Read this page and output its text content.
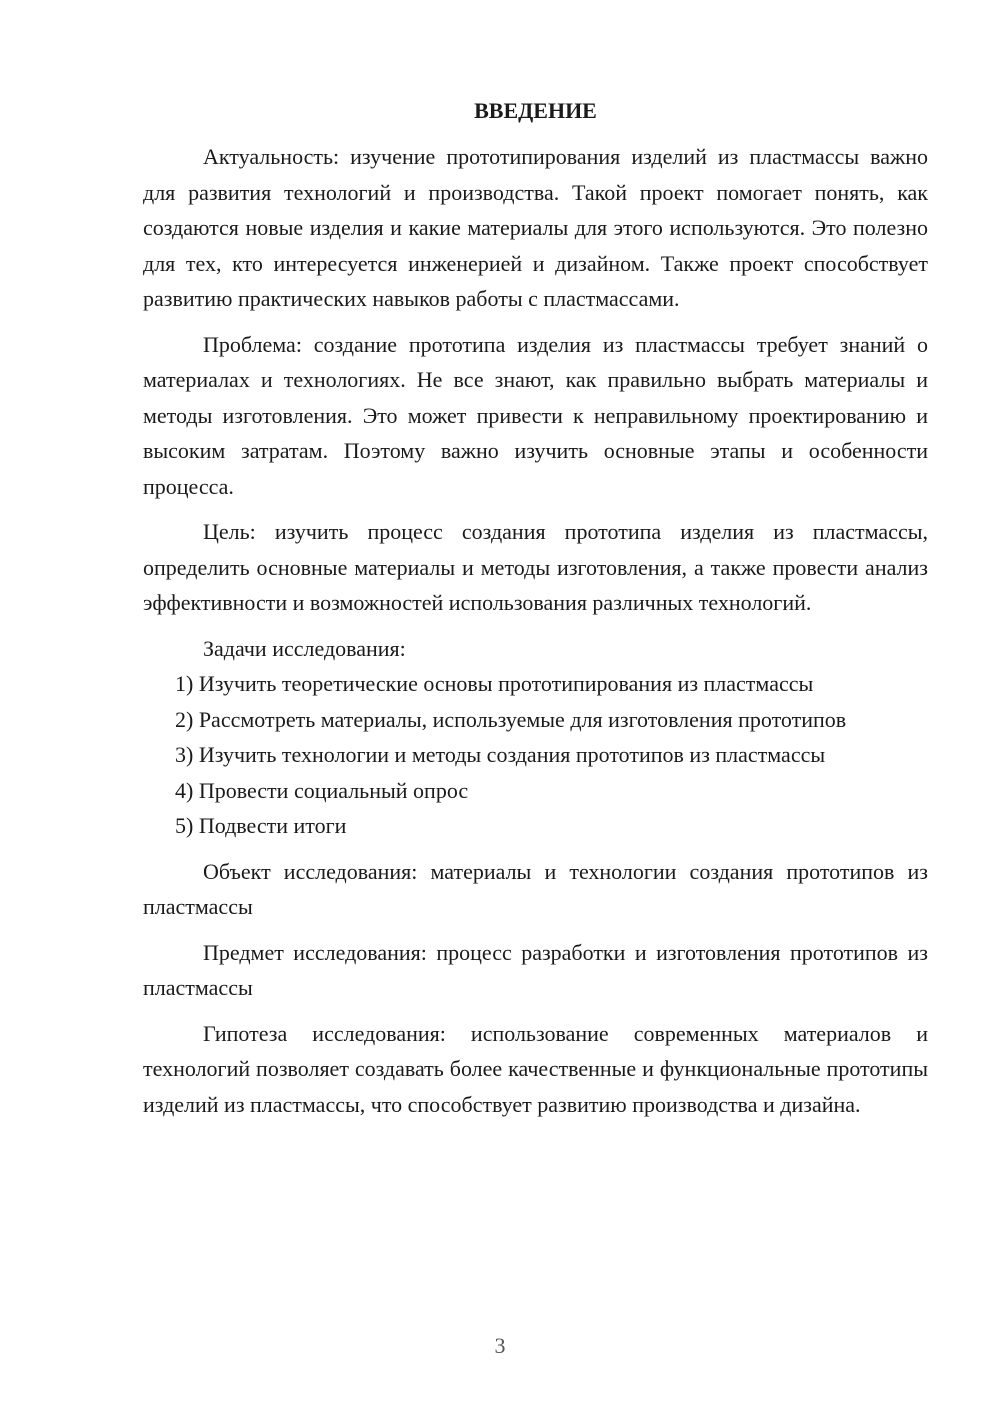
ВВЕДЕНИЕ

Актуальность: изучение прототипирования изделий из пластмассы важно для развития технологий и производства. Такой проект помогает понять, как создаются новые изделия и какие материалы для этого используются. Это полезно для тех, кто интересуется инженерией и дизайном. Также проект способствует развитию практических навыков работы с пластмассами.

Проблема: создание прототипа изделия из пластмассы требует знаний о материалах и технологиях. Не все знают, как правильно выбрать материалы и методы изготовления. Это может привести к неправильному проектированию и высоким затратам. Поэтому важно изучить основные этапы и особенности процесса.

Цель: изучить процесс создания прототипа изделия из пластмассы, определить основные материалы и методы изготовления, а также провести анализ эффективности и возможностей использования различных технологий.

Задачи исследования:

1) Изучить теоретические основы прототипирования из пластмассы

2) Рассмотреть материалы, используемые для изготовления прототипов

3) Изучить технологии и методы создания прототипов из пластмассы

4) Провести социальный опрос

5) Подвести итоги

Объект исследования: материалы и технологии создания прототипов из пластмассы

Предмет исследования: процесс разработки и изготовления прототипов из пластмассы

Гипотеза исследования: использование современных материалов и технологий позволяет создавать более качественные и функциональные прототипы изделий из пластмассы, что способствует развитию производства и дизайна.

3
